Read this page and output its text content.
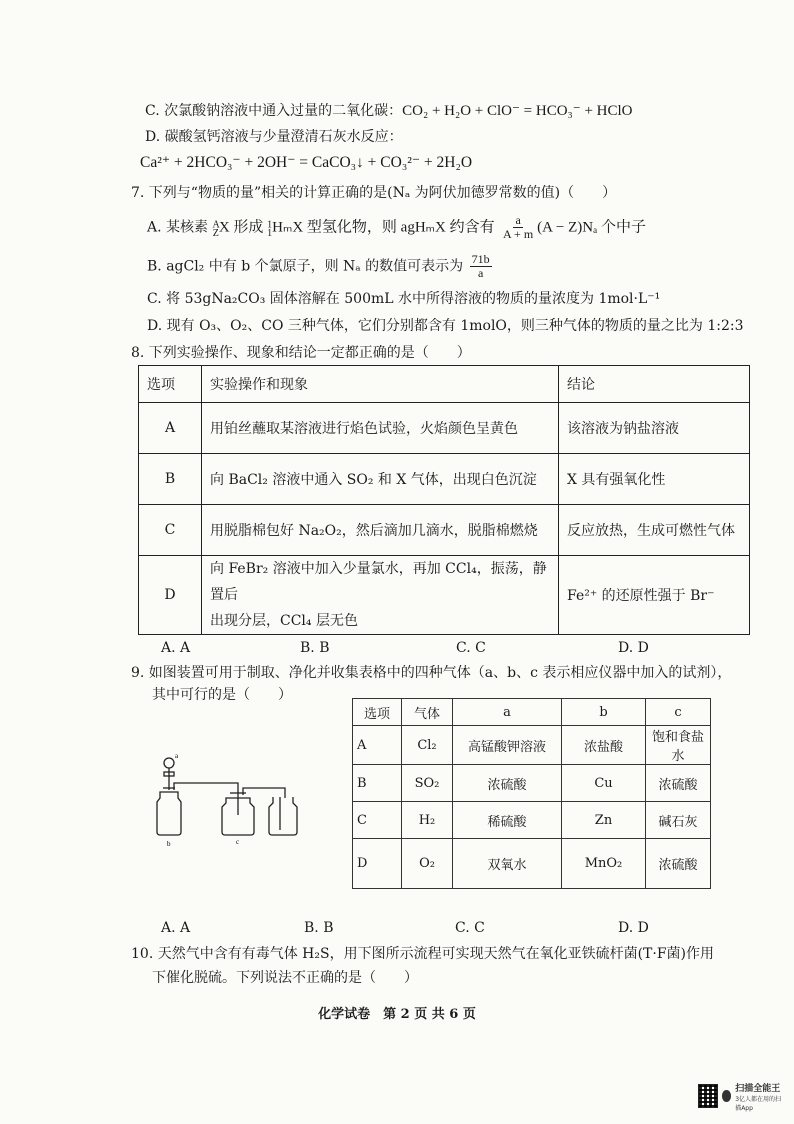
C. 次氯酸钠溶液中通入过量的二氧化碳：CO₂ + H₂O + ClO⁻ = HCO₃⁻ + HClO
D. 碳酸氢钙溶液与少量澄清石灰水反应：
Ca²⁺ + 2HCO₃⁻ + 2OH⁻ = CaCO₃↓ + CO₃²⁻ + 2H₂O
7. 下列与“物质的量”相关的计算正确的是(Nₐ 为阿伏加德罗常数的值)（　　）
A. 某核素 $^A_Z$X 形成 $^1_1$HₘX 型氢化物，则 agHₘX 约含有 $\frac{a}{A + m} (A - Z)N_a$ 个中子
B. agCl₂ 中有 b 个氯原子，则 Nₐ 的数值可表示为 $\frac{71b}{a}$
C. 将 53gNa₂CO₃ 固体溶解在 500mL 水中所得溶液的物质的量浓度为 1mol·L⁻¹
D. 现有 O₃、O₂、CO 三种气体，它们分别都含有 1molO，则三种气体的物质的量之比为 1:2:3
8. 下列实验操作、现象和结论一定都正确的是（　　）
选项	实验操作和现象	结论
A	用铂丝蘸取某溶液进行焰色试验，火焰颜色呈黄色	该溶液为钠盐溶液
B	向 BaCl₂ 溶液中通入 SO₂ 和 X 气体，出现白色沉淀	X 具有强氧化性
C	用脱脂棉包好 Na₂O₂，然后滴加几滴水，脱脂棉燃烧	反应放热，生成可燃性气体
D	向 FeBr₂ 溶液中加入少量氯水，再加 CCl₄，振荡，静置后
出现分层，CCl₄ 层无色	Fe²⁺ 的还原性强于 Br⁻
A. A	B. B	C. C	D. D
9. 如图装置可用于制取、净化并收集表格中的四种气体（a、b、c 表示相应仪器中加入的试剂），
其中可行的是（　　）
a
b	c
选项	气体	a	b	c
A	Cl₂	高锰酸钾溶液	浓盐酸	饱和食盐水
B	SO₂	浓硫酸	Cu	浓硫酸
C	H₂	稀硫酸	Zn	碱石灰
D	O₂	双氧水	MnO₂	浓硫酸
A. A	B. B	C. C	D. D
10. 天然气中含有有毒气体 H₂S，用下图所示流程可实现天然气在氧化亚铁硫杆菌(T·F菌)作用
下催化脱硫。下列说法不正确的是（　　）
化学试卷　第 2 页 共 6 页
扫描全能王
3亿人都在用的扫描App
